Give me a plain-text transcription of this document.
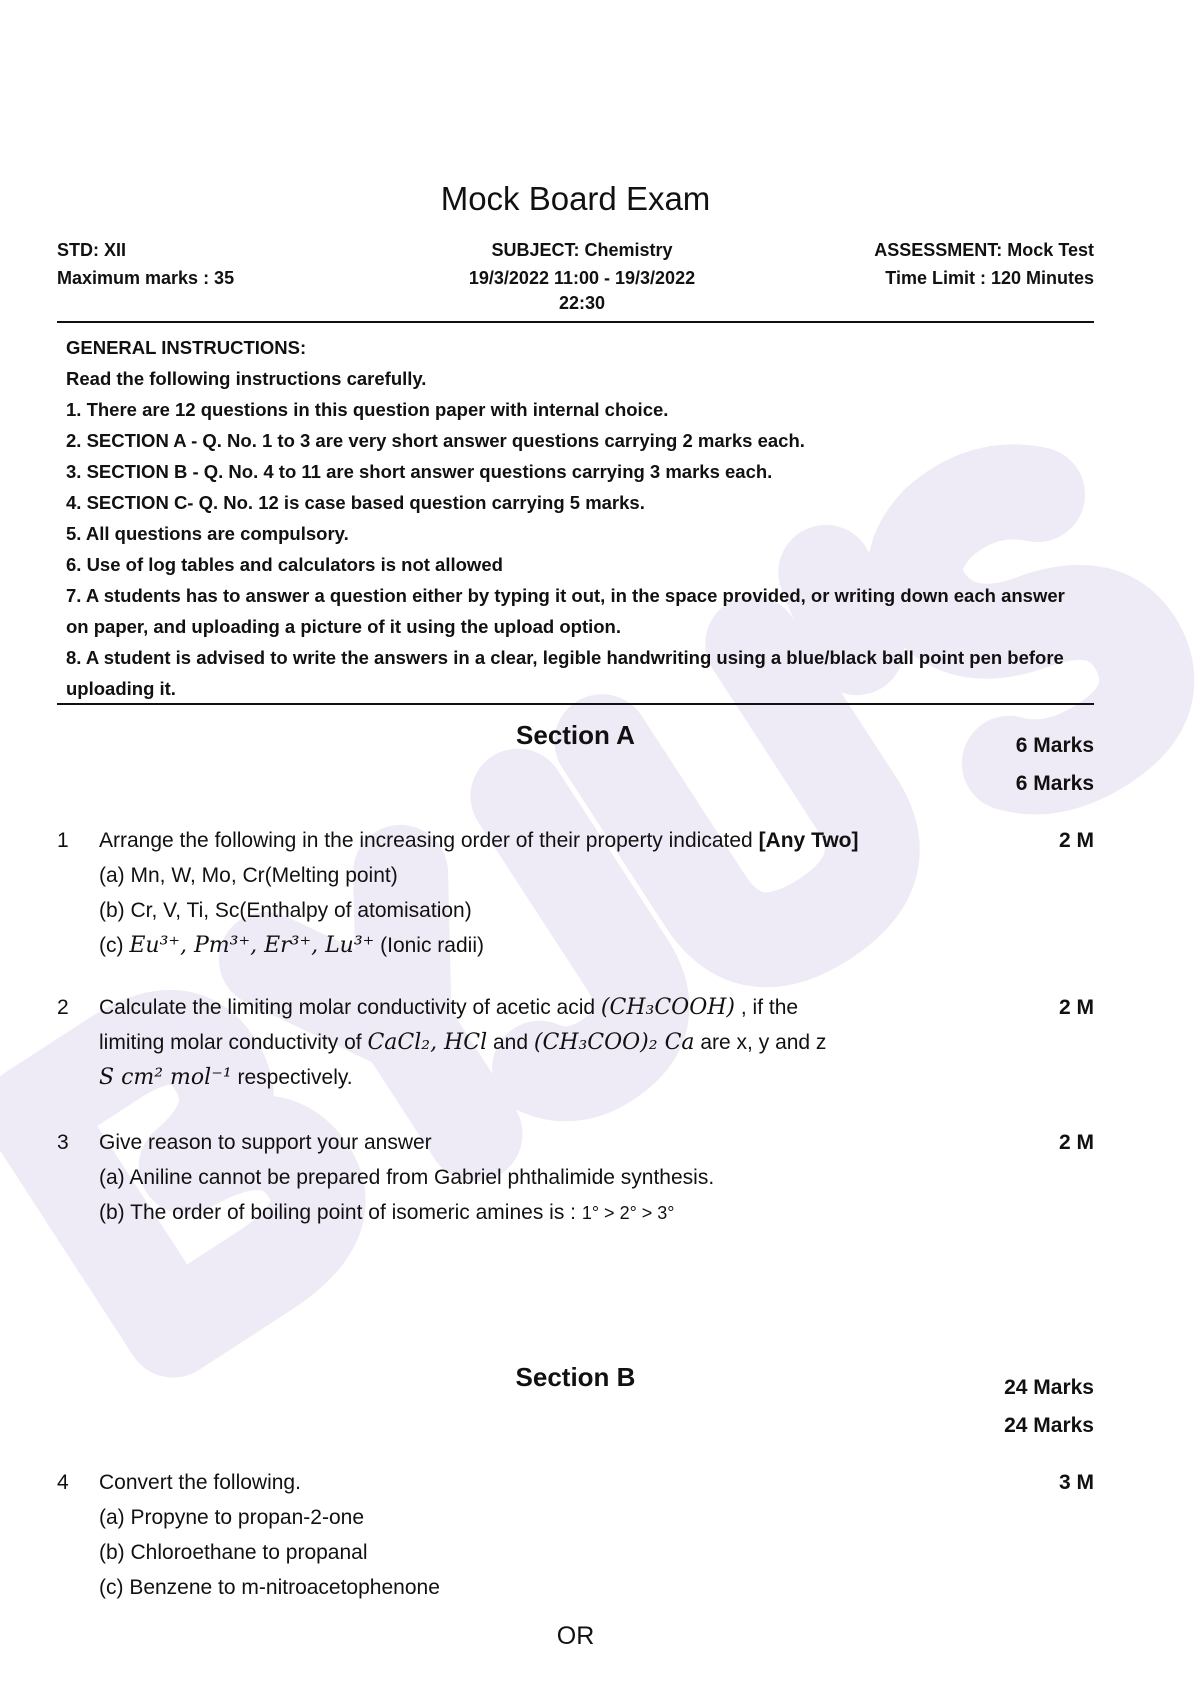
Mock Board Exam
STD: XII
Maximum marks : 35
SUBJECT: Chemistry
19/3/2022 11:00 - 19/3/2022
22:30
ASSESSMENT: Mock Test
Time Limit : 120 Minutes

GENERAL INSTRUCTIONS:

Read the following instructions carefully.

1. There are 12 questions in this question paper with internal choice.

2. SECTION A - Q. No. 1 to 3 are very short answer questions carrying 2 marks each.

3. SECTION B - Q. No. 4 to 11 are short answer questions carrying 3 marks each.

4. SECTION C- Q. No. 12 is case based question carrying 5 marks.

5. All questions are compulsory.

6. Use of log tables and calculators is not allowed

7. A students has to answer a question either by typing it out, in the space provided, or writing down each answer on paper, and uploading a picture of it using the upload option.

8. A student is advised to write the answers in a clear, legible handwriting using a blue/black ball point pen before uploading it.

Section A	6 Marks
6 Marks
1 Arrange the following in the increasing order of their property indicated [Any Two]

(a) Mn, W, Mo, Cr(Melting point)

(b) Cr, V, Ti, Sc(Enthalpy of atomisation)

(c) Eu³⁺, Pm³⁺, Er³⁺, Lu³⁺ (Ionic radii)

2 M
2 Calculate the limiting molar conductivity of acetic acid (CH₃COOH) , if the

limiting molar conductivity of CaCl₂, HCl and (CH₃COO)₂ Ca are x, y and z

S cm² mol⁻¹ respectively.

2 M
3 Give reason to support your answer

(a) Aniline cannot be prepared from Gabriel phthalimide synthesis.

(b) The order of boiling point of isomeric amines is : 1° > 2° > 3°

2 M
Section B	24 Marks
24 Marks
4 Convert the following.

(a) Propyne to propan-2-one

(b) Chloroethane to propanal

(c) Benzene to m-nitroacetophenone

3 M
OR
